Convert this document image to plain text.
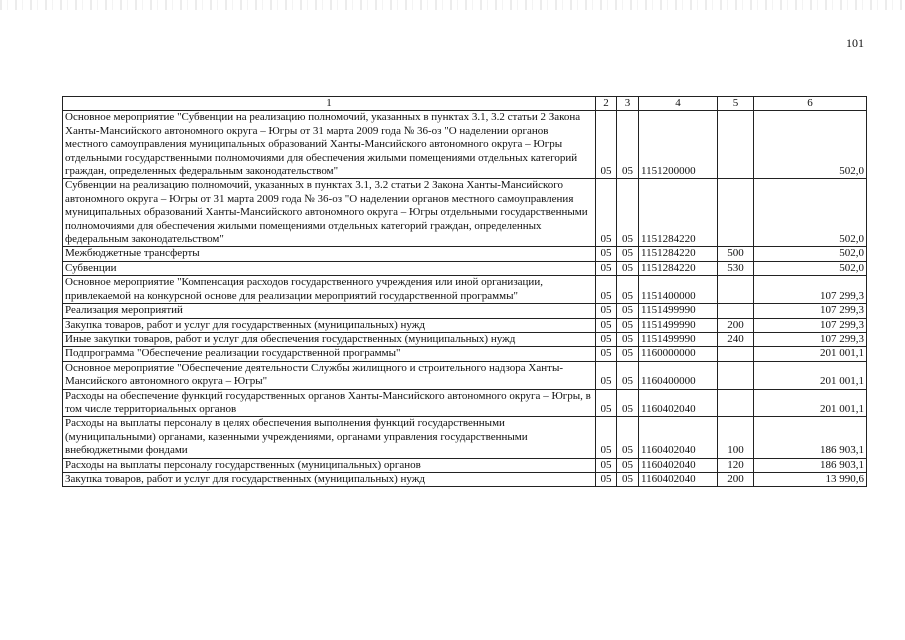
101
1	2	3	4	5	6
Основное мероприятие "Субвенции на реализацию полномочий, указанных в пунктах 3.1, 3.2 статьи 2 Закона Ханты-Мансийского автономного округа – Югры от 31 марта 2009 года № 36-оз "О наделении органов местного самоуправления муниципальных образований Ханты-Мансийского автономного округа – Югры отдельными государственными полномочиями для обеспечения жилыми помещениями отдельных категорий граждан, определенных федеральным законодательством"	05	05	1151200000		502,0
Субвенции на реализацию полномочий, указанных в пунктах 3.1, 3.2 статьи 2 Закона Ханты-Мансийского автономного округа – Югры от 31 марта 2009 года № 36-оз "О наделении органов местного самоуправления муниципальных образований Ханты-Мансийского автономного округа – Югры отдельными государственными полномочиями для обеспечения жилыми помещениями отдельных категорий граждан, определенных федеральным законодательством"	05	05	1151284220		502,0
Межбюджетные трансферты	05	05	1151284220	500	502,0
Субвенции	05	05	1151284220	530	502,0
Основное мероприятие "Компенсация расходов государственного учреждения или иной организации, привлекаемой на конкурсной основе для реализации мероприятий государственной программы"	05	05	1151400000		107 299,3
Реализация мероприятий	05	05	1151499990		107 299,3
Закупка товаров, работ и услуг для государственных (муниципальных) нужд	05	05	1151499990	200	107 299,3
Иные закупки товаров, работ и услуг для обеспечения государственных (муниципальных) нужд	05	05	1151499990	240	107 299,3
Подпрограмма "Обеспечение реализации государственной программы"	05	05	1160000000		201 001,1
Основное мероприятие "Обеспечение деятельности Службы жилищного и строительного надзора Ханты-Мансийского автономного округа – Югры"	05	05	1160400000		201 001,1
Расходы на обеспечение функций государственных органов Ханты-Мансийского автономного округа – Югры, в том числе территориальных органов	05	05	1160402040		201 001,1
Расходы на выплаты персоналу в целях обеспечения выполнения функций государственными (муниципальными) органами, казенными учреждениями, органами управления государственными внебюджетными фондами	05	05	1160402040	100	186 903,1
Расходы на выплаты персоналу государственных (муниципальных) органов	05	05	1160402040	120	186 903,1
Закупка товаров, работ и услуг для государственных (муниципальных) нужд	05	05	1160402040	200	13 990,6
